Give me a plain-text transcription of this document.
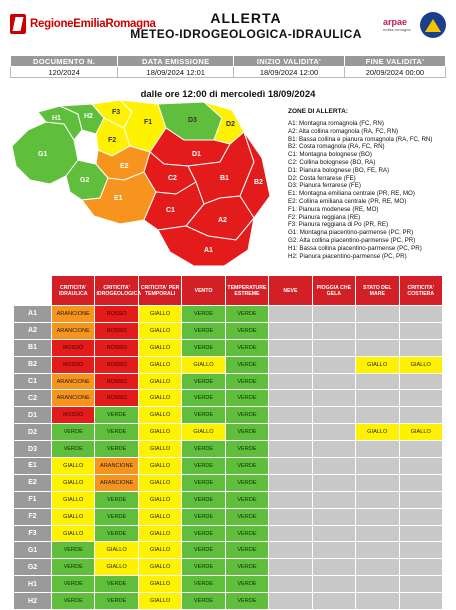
RegioneEmiliaRomagna	ALLERTA
METEO-IDROGEOLOGICA-IDRAULICA
arpae
emilia-romagna
DOCUMENTO N.	DATA EMISSIONE	INIZIO VALIDITA'	FINE VALIDITA'
120/2024	18/09/2024 12:01	18/09/2024 12:00	20/09/2024 00:00
dalle ore 12:00 di mercoledì 18/09/2024
H1	H2
G1
G2
F1
F2
F3
E1
E2
D1
D2
D3
C1
C2	B1
B2
A1
A2
ZONE DI ALLERTA:
A1: Montagna romagnola (FC, RN)
A2: Alta collina romagnola (RA, FC, RN)
B1: Bassa collina e pianura romagnola (RA, FC, RN)
B2: Costa romagnola (RA, FC, RN)
C1: Montagna bolognese (BO)
C2: Collina bolognese (BO, RA)
D1: Pianura bolognese (BO, FE, RA)
D2: Costa ferrarese (FE)
D3: Pianura ferrarese (FE)
E1: Montagna emiliana centrale (PR, RE, MO)
E2: Collina emiliana centrale (PR, RE, MO)
F1: Pianura modenese (RE, MO)
F2: Pianura reggiana (RE)
F3: Pianura reggiana di Po (PR, RE)
G1: Montagna piacentino-parmense (PC, PR)
G2: Alta collina piacentino-parmense (PC, PR)
H1: Bassa collina piacentino-parmense (PC, PR)
H2: Pianura piacentino-parmense (PC, PR)
	CRITICITA' IDRAULICA	CRITICITA' IDROGEOLOGICA	CRITICITA' PER TEMPORALI	VENTO	TEMPERATURE ESTREME	NEVE	PIOGGIA CHE GELA	STATO DEL MARE	CRITICITA' COSTIERA
A1	ARANCIONE	ROSSO	GIALLO	VERDE	VERDE				
A2	ARANCIONE	ROSSO	GIALLO	VERDE	VERDE				
B1	ROSSO	ROSSO	GIALLO	VERDE	VERDE				
B2	ROSSO	ROSSO	GIALLO	GIALLO	VERDE			GIALLO	GIALLO
C1	ARANCIONE	ROSSO	GIALLO	VERDE	VERDE				
C2	ARANCIONE	ROSSO	GIALLO	VERDE	VERDE				
D1	ROSSO	VERDE	GIALLO	VERDE	VERDE				
D2	VERDE	VERDE	GIALLO	GIALLO	VERDE			GIALLO	GIALLO
D3	VERDE	VERDE	GIALLO	VERDE	VERDE				
E1	GIALLO	ARANCIONE	GIALLO	VERDE	VERDE				
E2	GIALLO	ARANCIONE	GIALLO	VERDE	VERDE				
F1	GIALLO	VERDE	GIALLO	VERDE	VERDE				
F2	GIALLO	VERDE	GIALLO	VERDE	VERDE				
F3	GIALLO	VERDE	GIALLO	VERDE	VERDE				
G1	VERDE	GIALLO	GIALLO	VERDE	VERDE				
G2	VERDE	GIALLO	GIALLO	VERDE	VERDE				
H1	VERDE	VERDE	GIALLO	VERDE	VERDE				
H2	VERDE	VERDE	GIALLO	VERDE	VERDE				
